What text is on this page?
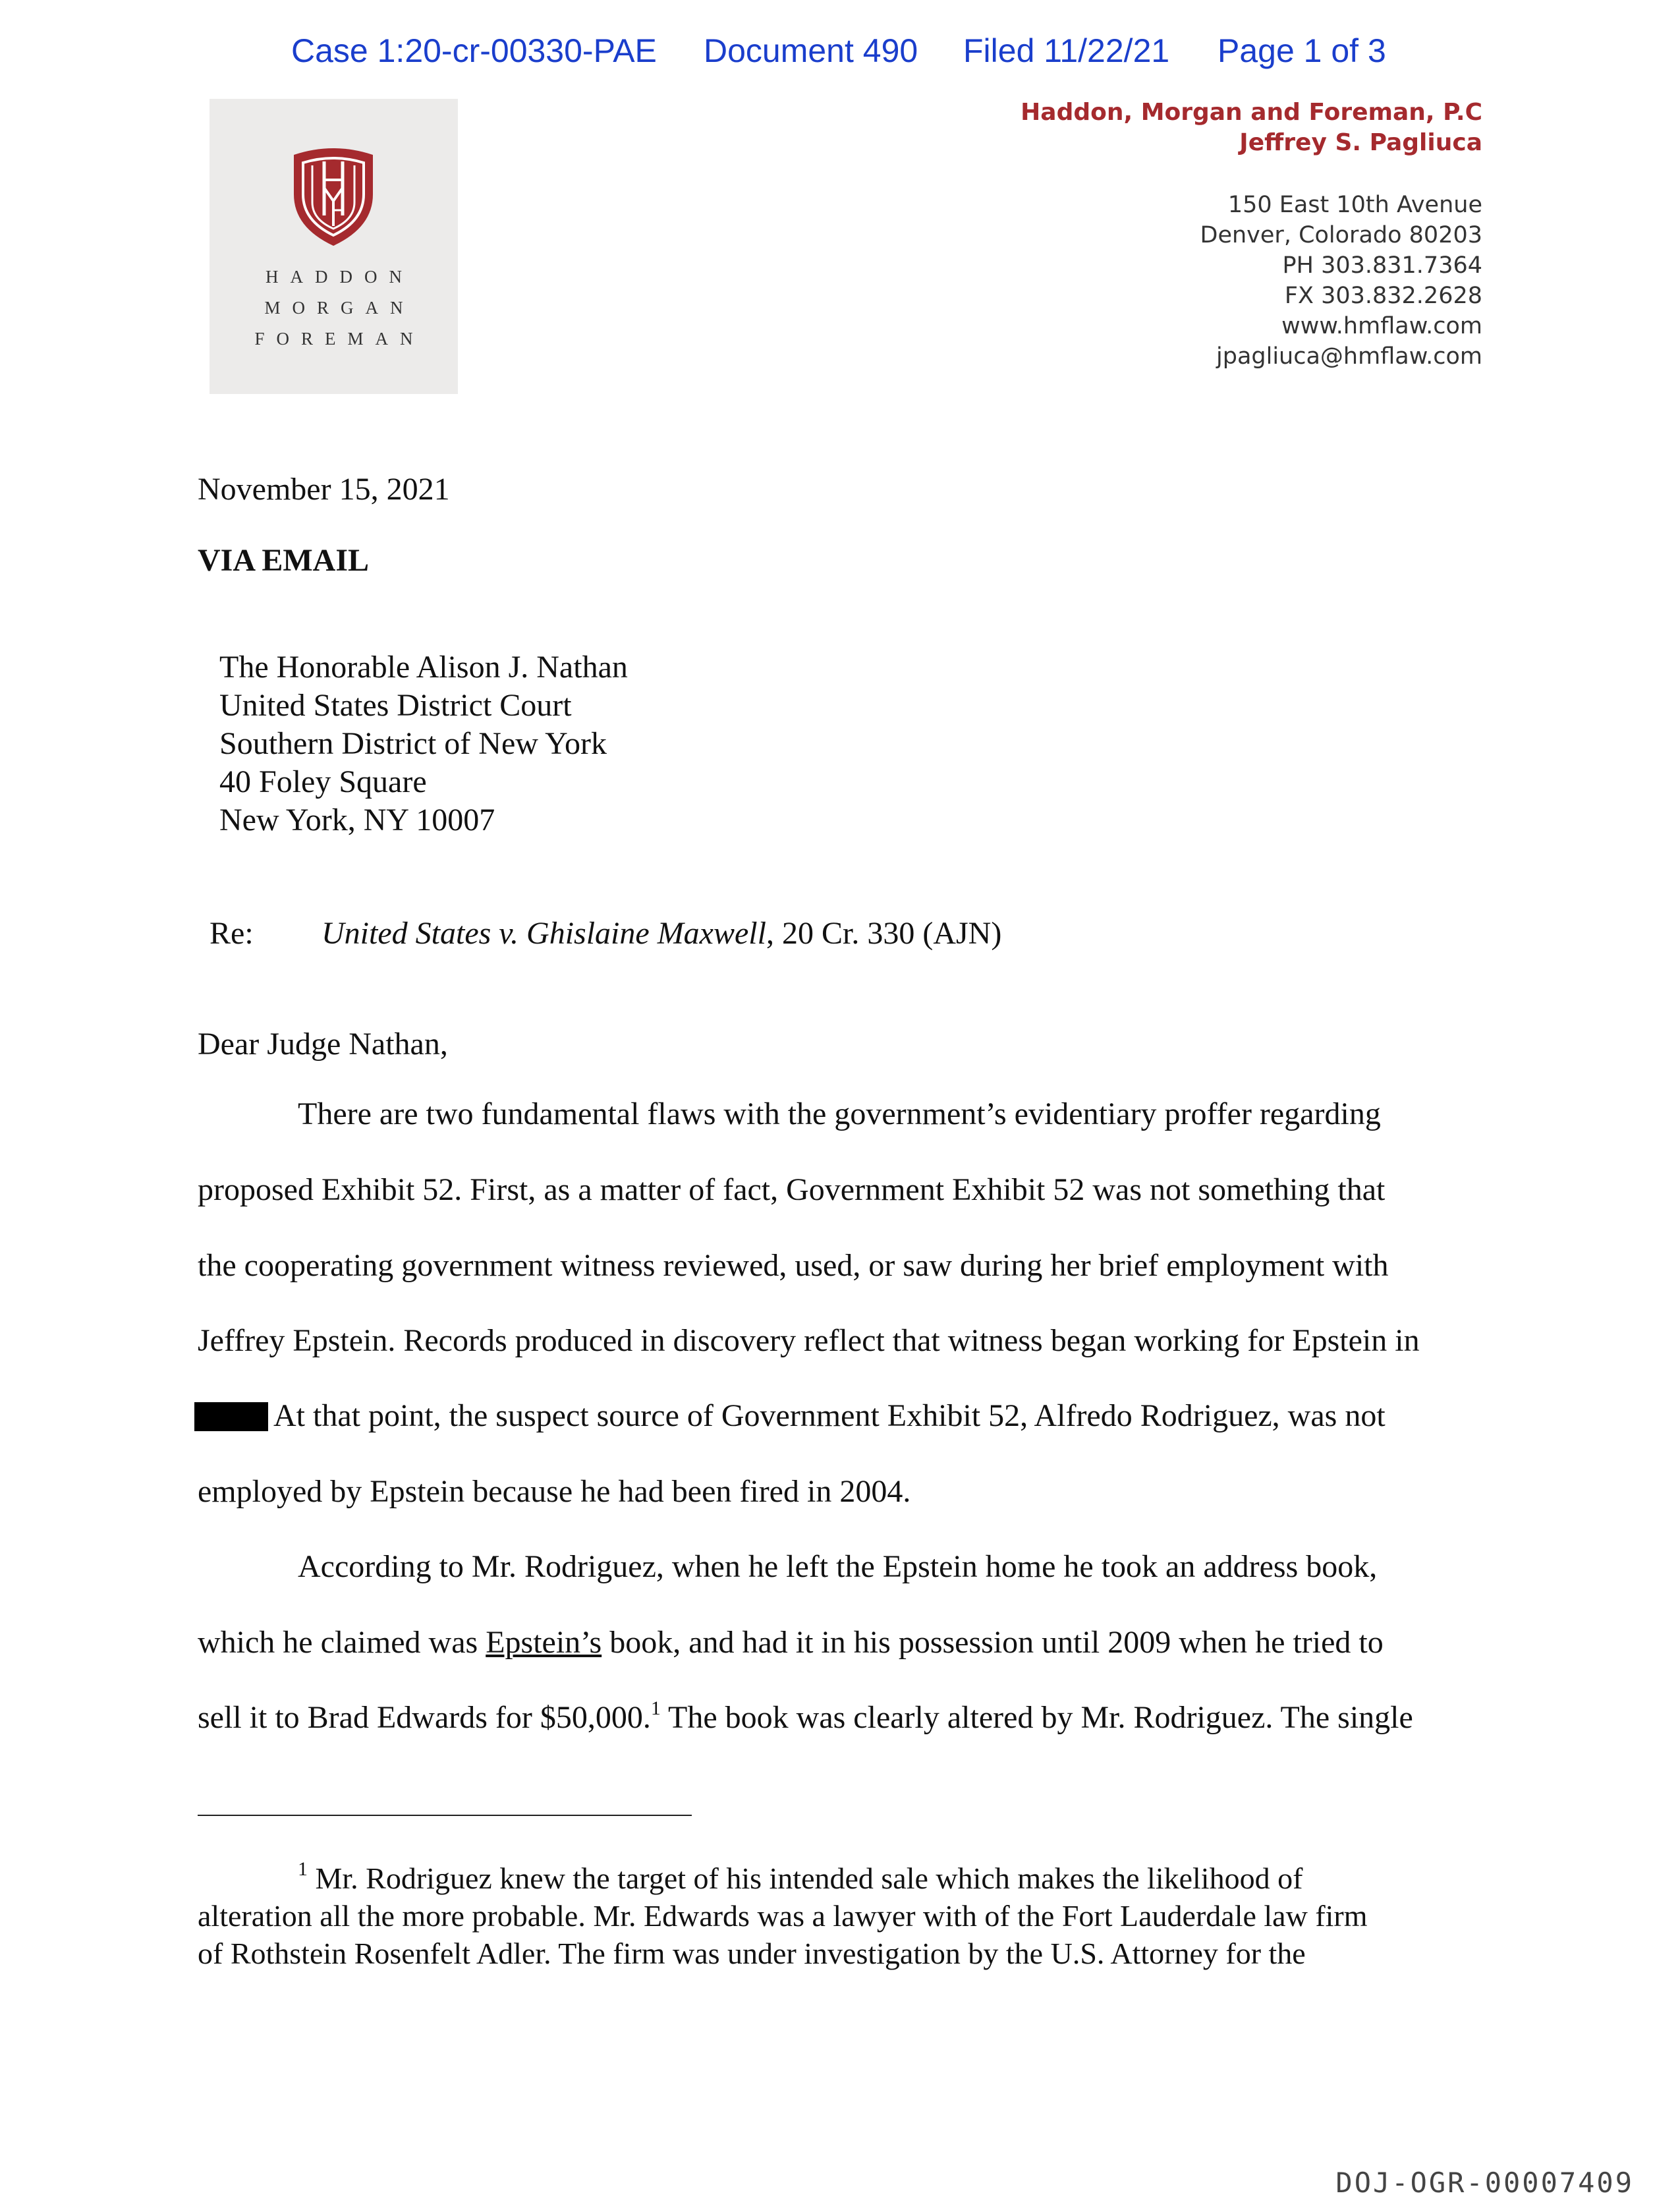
Case 1:20-cr-00330-PAE Document 490 Filed 11/22/21 Page 1 of 3
HADDON
MORGAN
FOREMAN
Haddon, Morgan and Foreman, P.C
Jeffrey S. Pagliuca
150 East 10th Avenue
Denver, Colorado 80203
PH 303.831.7364
FX 303.832.2628
www.hmflaw.com
jpagliuca@hmflaw.com
November 15, 2021
VIA EMAIL
The Honorable Alison J. Nathan
United States District Court
Southern District of New York
40 Foley Square
New York, NY 10007
Re: United States v. Ghislaine Maxwell, 20 Cr. 330 (AJN)
Dear Judge Nathan,
There are two fundamental flaws with the government’s evidentiary proffer regarding
proposed Exhibit 52. First, as a matter of fact, Government Exhibit 52 was not something that
the cooperating government witness reviewed, used, or saw during her brief employment with
Jeffrey Epstein. Records produced in discovery reflect that witness began working for Epstein in
At that point, the suspect source of Government Exhibit 52, Alfredo Rodriguez, was not
employed by Epstein because he had been fired in 2004.
According to Mr. Rodriguez, when he left the Epstein home he took an address book,
which he claimed was Epstein’s book, and had it in his possession until 2009 when he tried to
sell it to Brad Edwards for $50,000.$^1$ The book was clearly altered by Mr. Rodriguez. The single
$^1$ Mr. Rodriguez knew the target of his intended sale which makes the likelihood of
alteration all the more probable. Mr. Edwards was a lawyer with of the Fort Lauderdale law firm
of Rothstein Rosenfelt Adler. The firm was under investigation by the U.S. Attorney for the
DOJ-OGR-00007409
